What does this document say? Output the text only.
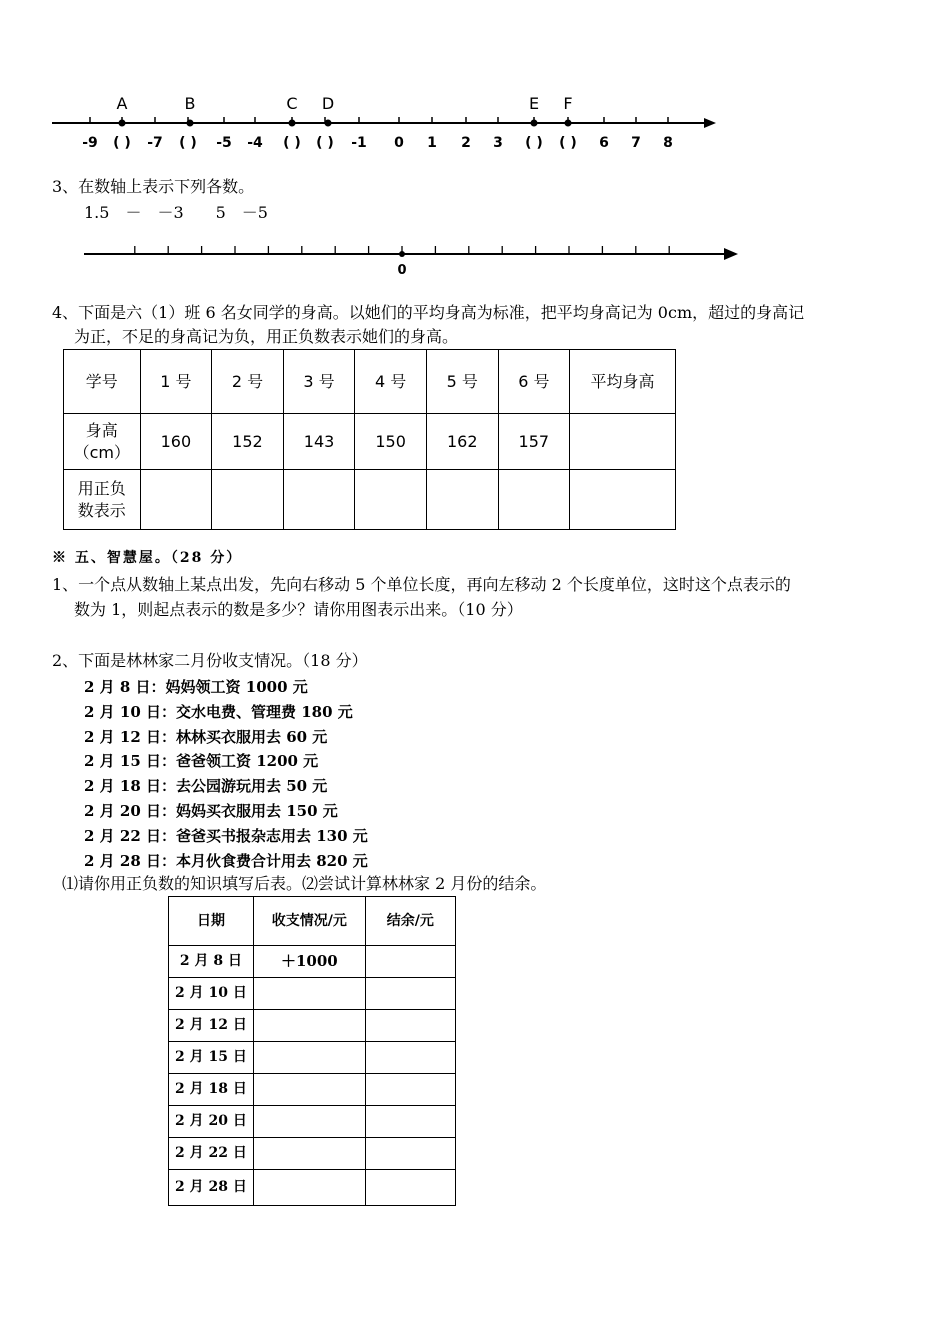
-9 ( ) -7 ( ) -5 -4 ( ) ( ) -1 0 1 2 3 ( ) ( ) 6 7 8
A	B	C D	E F
3、在数轴上表示下列各数。
1.5　－　－3　　5　－5
0
4、下面是六（1）班 6 名女同学的身高。以她们的平均身高为标准，把平均身高记为 0cm，超过的身高记
为正，不足的身高记为负，用正负数表示她们的身高。
学号	1 号	2 号	3 号	4 号	5 号	6 号	平均身高
身高（cm）	160	152	143	150	162	157	
用正负数表示							
※ 五、智慧屋。（28 分）
1、一个点从数轴上某点出发，先向右移动 5 个单位长度，再向左移动 2 个长度单位，这时这个点表示的
数为 1，则起点表示的数是多少？请你用图表示出来。（10 分）
2、下面是林林家二月份收支情况。（18 分）
2 月 8 日：妈妈领工资 1000 元
2 月 10 日：交水电费、管理费 180 元
2 月 12 日：林林买衣服用去 60 元
2 月 15 日：爸爸领工资 1200 元
2 月 18 日：去公园游玩用去 50 元
2 月 20 日：妈妈买衣服用去 150 元
2 月 22 日：爸爸买书报杂志用去 130 元
2 月 28 日：本月伙食费合计用去 820 元
⑴请你用正负数的知识填写后表。⑵尝试计算林林家 2 月份的结余。
日期	收支情况/元	结余/元
2 月 8 日	＋1000	
2 月 10 日		
2 月 12 日		
2 月 15 日		
2 月 18 日		
2 月 20 日		
2 月 22 日		
2 月 28 日		
